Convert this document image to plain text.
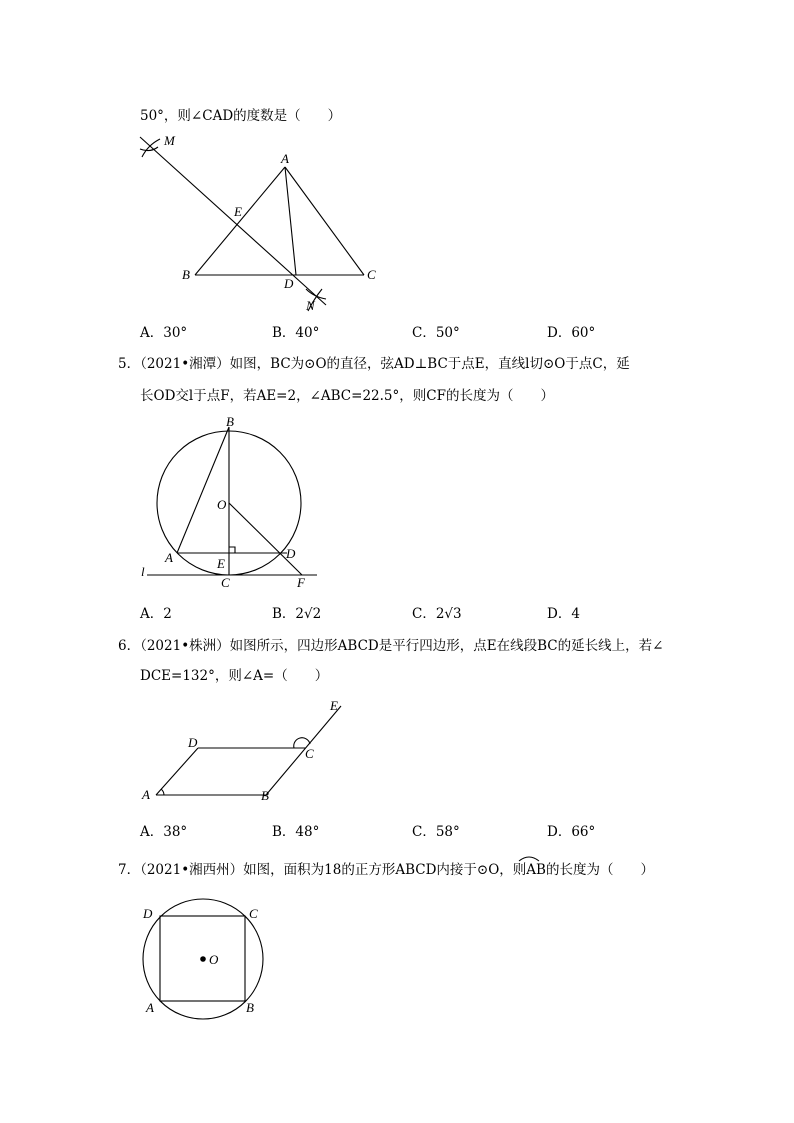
50°，则∠CAD的度数是（　　）
M
A
E
B
D
C
N
A．30°	B．40°	C．50°	D．60°
5．（2021•湘潭）如图，BC为⊙O的直径，弦AD⊥BC于点E，直线l切⊙O于点C，延
长OD交l于点F，若AE=2，∠ABC=22.5°，则CF的长度为（　　）
B
O
A	E
D
l
C	F
A．2	B．2√2	C．2√3	D．4
6．（2021•株洲）如图所示，四边形ABCD是平行四边形，点E在线段BC的延长线上，若∠
DCE=132°，则∠A=（　　）
E
D
C
A	B
A．38°	B．48°	C．58°	D．66°
7．（2021•湘西州）如图，面积为18的正方形ABCD内接于⊙O，则AB的长度为（　　）
D	C
O
A	B
